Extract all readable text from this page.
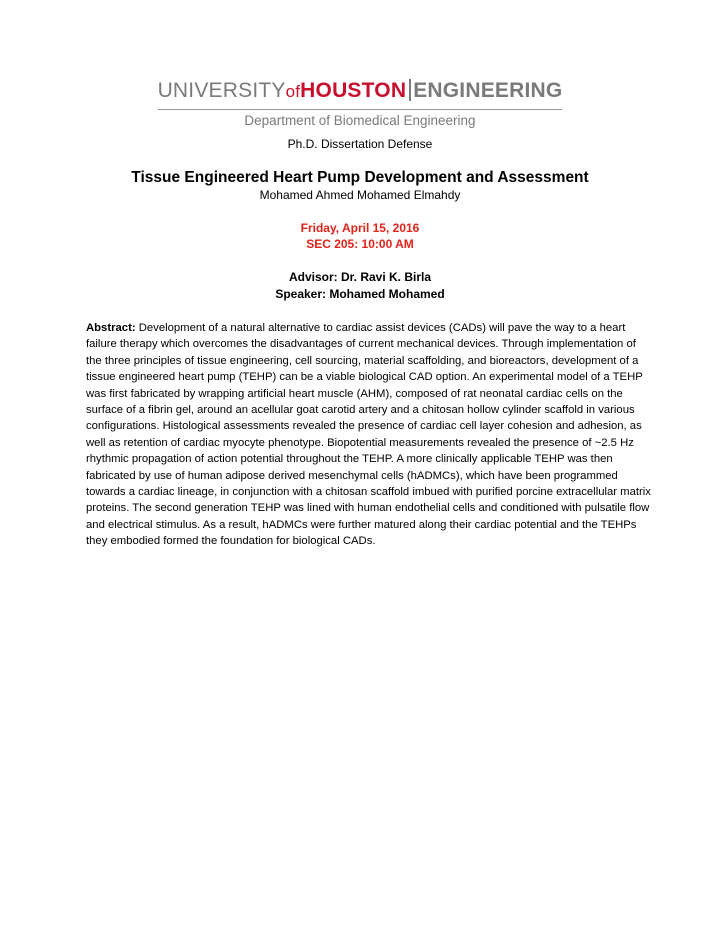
UNIVERSITYofHOUSTON ENGINEERING
Department of Biomedical Engineering
Ph.D. Dissertation Defense
Tissue Engineered Heart Pump Development and Assessment
Mohamed Ahmed Mohamed Elmahdy
Friday, April 15, 2016
SEC 205: 10:00 AM
Advisor: Dr. Ravi K. Birla
Speaker: Mohamed Mohamed
Abstract: Development of a natural alternative to cardiac assist devices (CADs) will pave the way to a heart failure therapy which overcomes the disadvantages of current mechanical devices. Through implementation of the three principles of tissue engineering, cell sourcing, material scaffolding, and bioreactors, development of a tissue engineered heart pump (TEHP) can be a viable biological CAD option. An experimental model of a TEHP was first fabricated by wrapping artificial heart muscle (AHM), composed of rat neonatal cardiac cells on the surface of a fibrin gel, around an acellular goat carotid artery and a chitosan hollow cylinder scaffold in various configurations. Histological assessments revealed the presence of cardiac cell layer cohesion and adhesion, as well as retention of cardiac myocyte phenotype. Biopotential measurements revealed the presence of ~2.5 Hz rhythmic propagation of action potential throughout the TEHP. A more clinically applicable TEHP was then fabricated by use of human adipose derived mesenchymal cells (hADMCs), which have been programmed towards a cardiac lineage, in conjunction with a chitosan scaffold imbued with purified porcine extracellular matrix proteins. The second generation TEHP was lined with human endothelial cells and conditioned with pulsatile flow and electrical stimulus. As a result, hADMCs were further matured along their cardiac potential and the TEHPs they embodied formed the foundation for biological CADs.
